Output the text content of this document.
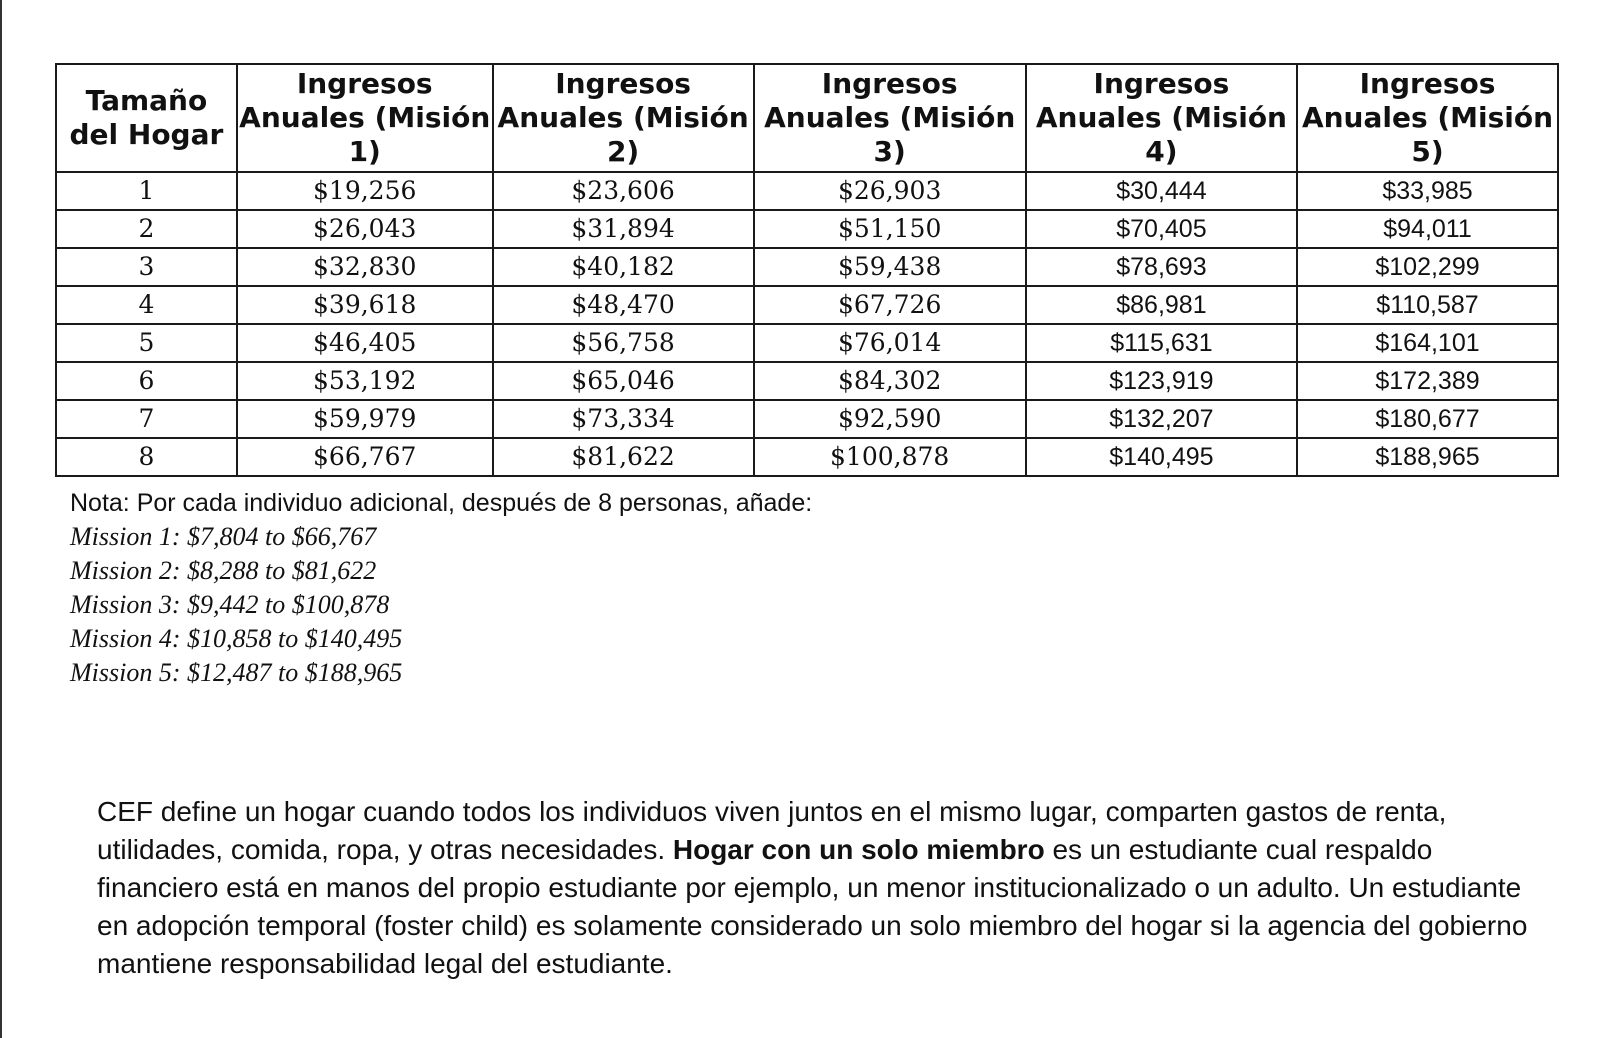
Tamaño del Hogar	Ingresos Anuales (Misión 1)	Ingresos Anuales (Misión 2)	Ingresos Anuales (Misión 3)	Ingresos Anuales (Misión 4)	Ingresos Anuales (Misión 5)
1	$19,256	$23,606	$26,903	$30,444	$33,985
2	$26,043	$31,894	$51,150	$70,405	$94,011
3	$32,830	$40,182	$59,438	$78,693	$102,299
4	$39,618	$48,470	$67,726	$86,981	$110,587
5	$46,405	$56,758	$76,014	$115,631	$164,101
6	$53,192	$65,046	$84,302	$123,919	$172,389
7	$59,979	$73,334	$92,590	$132,207	$180,677
8	$66,767	$81,622	$100,878	$140,495	$188,965
Nota: Por cada individuo adicional, después de 8 personas, añade:
Mission 1: $7,804 to $66,767
Mission 2: $8,288 to $81,622
Mission 3: $9,442 to $100,878
Mission 4: $10,858 to $140,495
Mission 5: $12,487 to $188,965

CEF define un hogar cuando todos los individuos viven juntos en el mismo lugar, comparten gastos de renta, utilidades, comida, ropa, y otras necesidades. Hogar con un solo miembro es un estudiante cual respaldo financiero está en manos del propio estudiante por ejemplo, un menor institucionalizado o un adulto. Un estudiante en adopción temporal (foster child) es solamente considerado un solo miembro del hogar si la agencia del gobierno mantiene responsabilidad legal del estudiante.
